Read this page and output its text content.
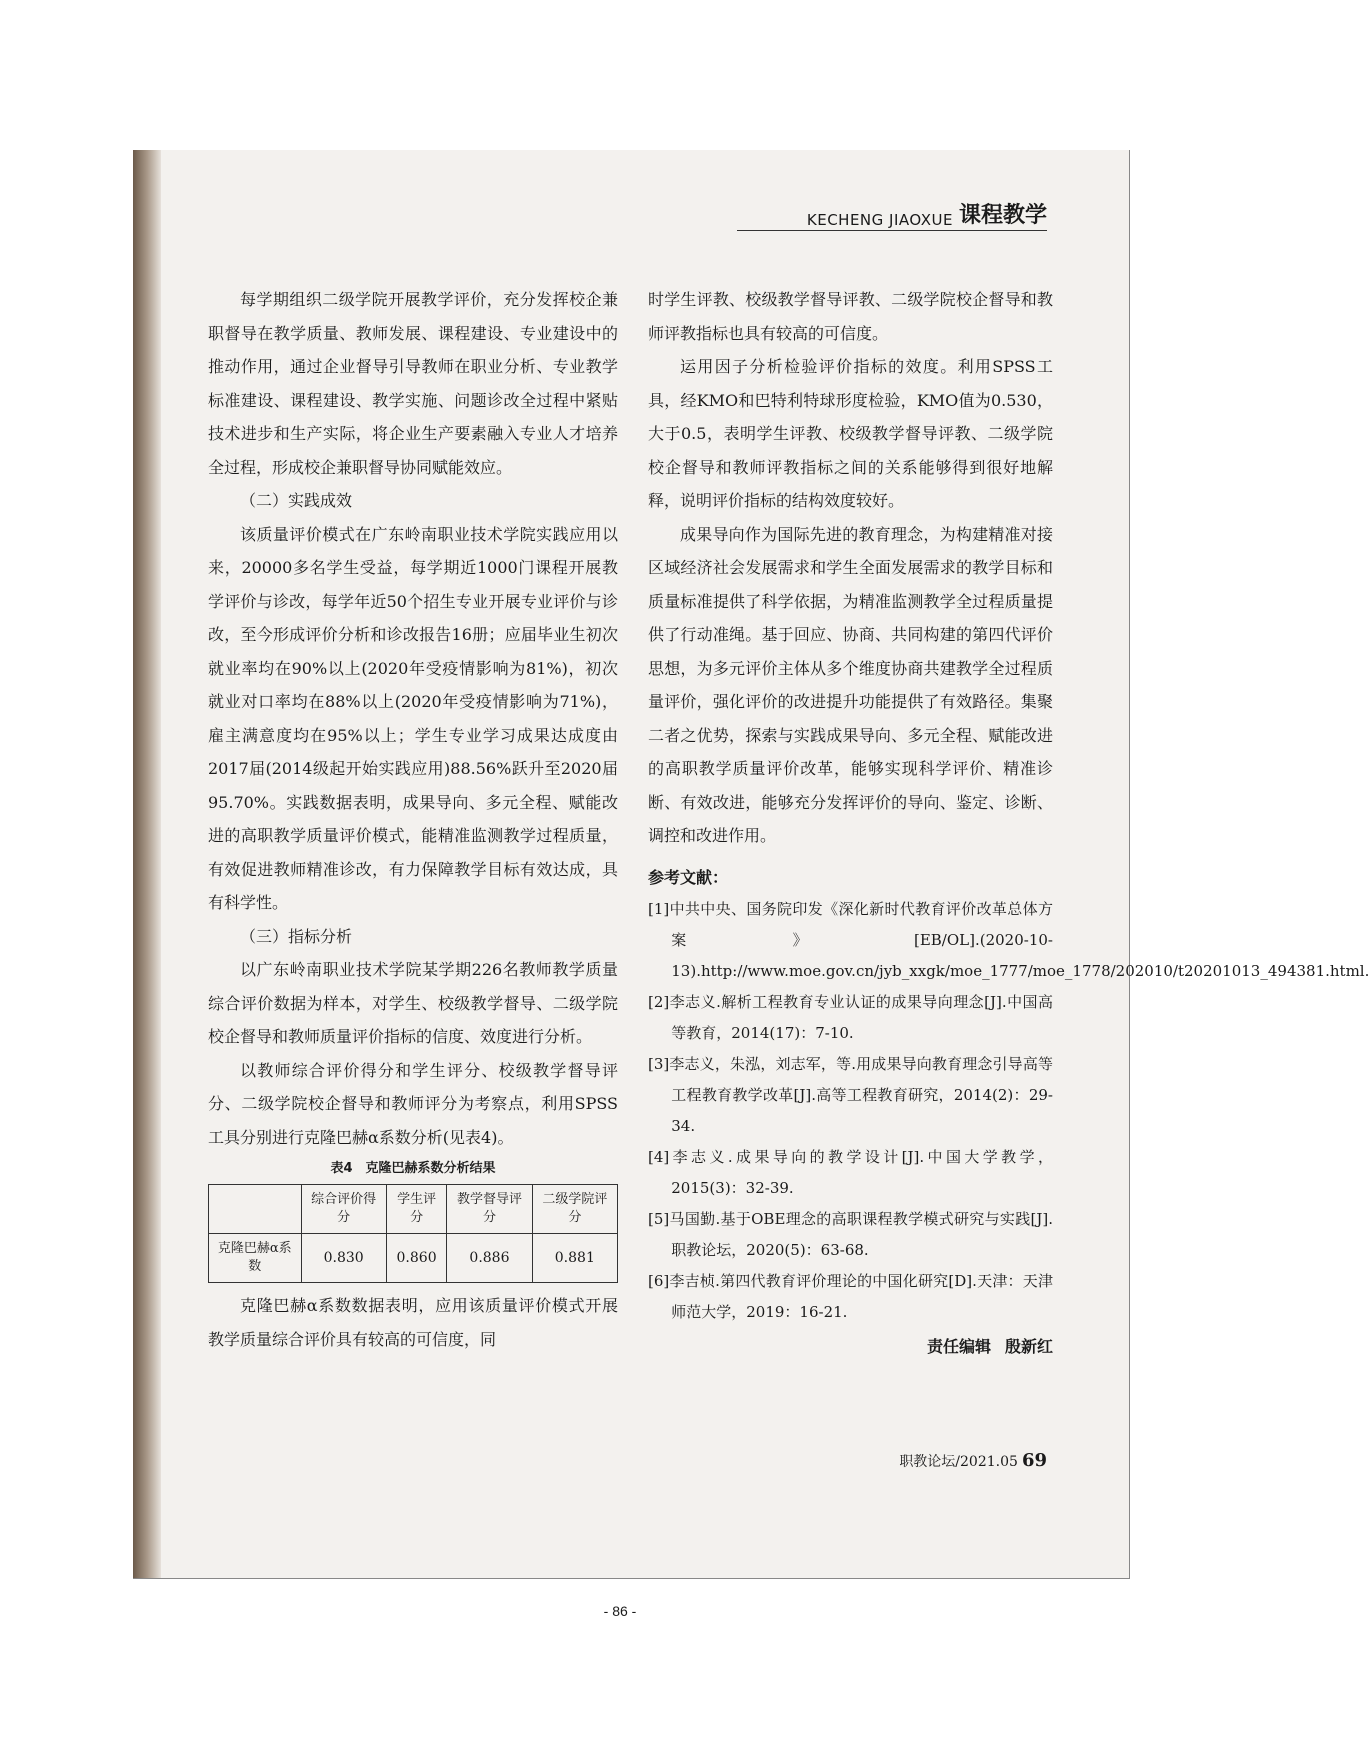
KECHENG JIAOXUE 课程教学

每学期组织二级学院开展教学评价，充分发挥校企兼职督导在教学质量、教师发展、课程建设、专业建设中的推动作用，通过企业督导引导教师在职业分析、专业教学标准建设、课程建设、教学实施、问题诊改全过程中紧贴技术进步和生产实际，将企业生产要素融入专业人才培养全过程，形成校企兼职督导协同赋能效应。

（二）实践成效

该质量评价模式在广东岭南职业技术学院实践应用以来，20000多名学生受益，每学期近1000门课程开展教学评价与诊改，每学年近50个招生专业开展专业评价与诊改，至今形成评价分析和诊改报告16册；应届毕业生初次就业率均在90%以上(2020年受疫情影响为81%)，初次就业对口率均在88%以上(2020年受疫情影响为71%)，雇主满意度均在95%以上；学生专业学习成果达成度由2017届(2014级起开始实践应用)88.56%跃升至2020届95.70%。实践数据表明，成果导向、多元全程、赋能改进的高职教学质量评价模式，能精准监测教学过程质量，有效促进教师精准诊改，有力保障教学目标有效达成，具有科学性。

（三）指标分析

以广东岭南职业技术学院某学期226名教师教学质量综合评价数据为样本，对学生、校级教学督导、二级学院校企督导和教师质量评价指标的信度、效度进行分析。

以教师综合评价得分和学生评分、校级教学督导评分、二级学院校企督导和教师评分为考察点，利用SPSS工具分别进行克隆巴赫α系数分析(见表4)。

表4　克隆巴赫系数分析结果
	综合评价得分	学生评分	教学督导评分	二级学院评分
克隆巴赫α系数	0.830	0.860	0.886	0.881

克隆巴赫α系数数据表明，应用该质量评价模式开展教学质量综合评价具有较高的可信度，同

时学生评教、校级教学督导评教、二级学院校企督导和教师评教指标也具有较高的可信度。

运用因子分析检验评价指标的效度。利用SPSS工具，经KMO和巴特利特球形度检验，KMO值为0.530，大于0.5，表明学生评教、校级教学督导评教、二级学院校企督导和教师评教指标之间的关系能够得到很好地解释，说明评价指标的结构效度较好。

成果导向作为国际先进的教育理念，为构建精准对接区域经济社会发展需求和学生全面发展需求的教学目标和质量标准提供了科学依据，为精准监测教学全过程质量提供了行动准绳。基于回应、协商、共同构建的第四代评价思想，为多元评价主体从多个维度协商共建教学全过程质量评价，强化评价的改进提升功能提供了有效路径。集聚二者之优势，探索与实践成果导向、多元全程、赋能改进的高职教学质量评价改革，能够实现科学评价、精准诊断、有效改进，能够充分发挥评价的导向、鉴定、诊断、调控和改进作用。

参考文献：
[1]中共中央、国务院印发《深化新时代教育评价改革总体方案》[EB/OL].(2020-10-13).http://www.moe.gov.cn/jyb_xxgk/moe_1777/moe_1778/202010/t20201013_494381.html.
[2]李志义.解析工程教育专业认证的成果导向理念[J].中国高等教育，2014(17)：7-10.
[3]李志义，朱泓，刘志军，等.用成果导向教育理念引导高等工程教育教学改革[J].高等工程教育研究，2014(2)：29-34.
[4]李志义.成果导向的教学设计[J].中国大学教学，2015(3)：32-39.
[5]马国勤.基于OBE理念的高职课程教学模式研究与实践[J].职教论坛，2020(5)：63-68.
[6]李吉桢.第四代教育评价理论的中国化研究[D].天津：天津师范大学，2019：16-21.
责任编辑 殷新红
职教论坛/2021.05 69
- 86 -
